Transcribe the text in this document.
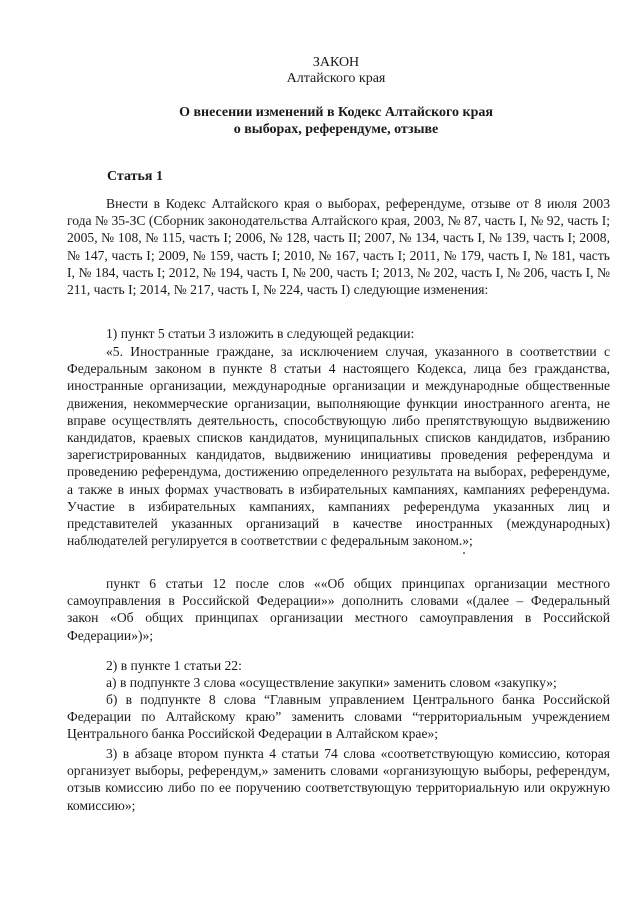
ЗАКОН
Алтайского края
О внесении изменений в Кодекс Алтайского края
о выборах, референдуме, отзыве
Статья 1

Внести в Кодекс Алтайского края о выборах, референдуме, отзыве от 8 июля 2003 года № 35-ЗС (Сборник законодательства Алтайского края, 2003, № 87, часть I, № 92, часть I; 2005, № 108, № 115, часть I; 2006, № 128, часть II; 2007, № 134, часть I, № 139, часть I; 2008, № 147, часть I; 2009, № 159, часть I; 2010, № 167, часть I; 2011, № 179, часть I, № 181, часть I, № 184, часть I; 2012, № 194, часть I, № 200, часть I; 2013, № 202, часть I, № 206, часть I, № 211, часть I; 2014, № 217, часть I, № 224, часть I) следующие изменения:

1) пункт 5 статьи 3 изложить в следующей редакции:

«5. Иностранные граждане, за исключением случая, указанного в соответствии с Федеральным законом в пункте 8 статьи 4 настоящего Кодекса, лица без гражданства, иностранные организации, международные организации и международные общественные движения, некоммерческие организации, выполняющие функции иностранного агента, не вправе осуществлять деятельность, способствующую либо препятствующую выдвижению кандидатов, краевых списков кандидатов, муниципальных списков кандидатов, избранию зарегистрированных кандидатов, выдвижению инициативы проведения референдума и проведению референдума, достижению определенного результата на выборах, референдуме, а также в иных формах участвовать в избирательных кампаниях, кампаниях референдума. Участие в избирательных кампаниях, кампаниях референдума указанных лиц и представителей указанных организаций в качестве иностранных (международных) наблюдателей регулируется в соответствии с федеральным законом.»;

пункт 6 статьи 12 после слов ««Об общих принципах организации местного самоуправления в Российской Федерации»» дополнить словами «(далее – Федеральный закон «Об общих принципах организации местного самоуправления в Российской Федерации»)»;

2) в пункте 1 статьи 22:

а) в подпункте 3 слова «осуществление закупки» заменить словом «закупку»;

б) в подпункте 8 слова “Главным управлением Центрального банка Российской Федерации по Алтайскому краю” заменить словами “территориальным учреждением Центрального банка Российской Федерации в Алтайском крае»;

3) в абзаце втором пункта 4 статьи 74 слова «соответствующую комиссию, которая организует выборы, референдум,» заменить словами «организующую выборы, референдум, отзыв комиссию либо по ее поручению соответствующую территориальную или окружную комиссию»;
